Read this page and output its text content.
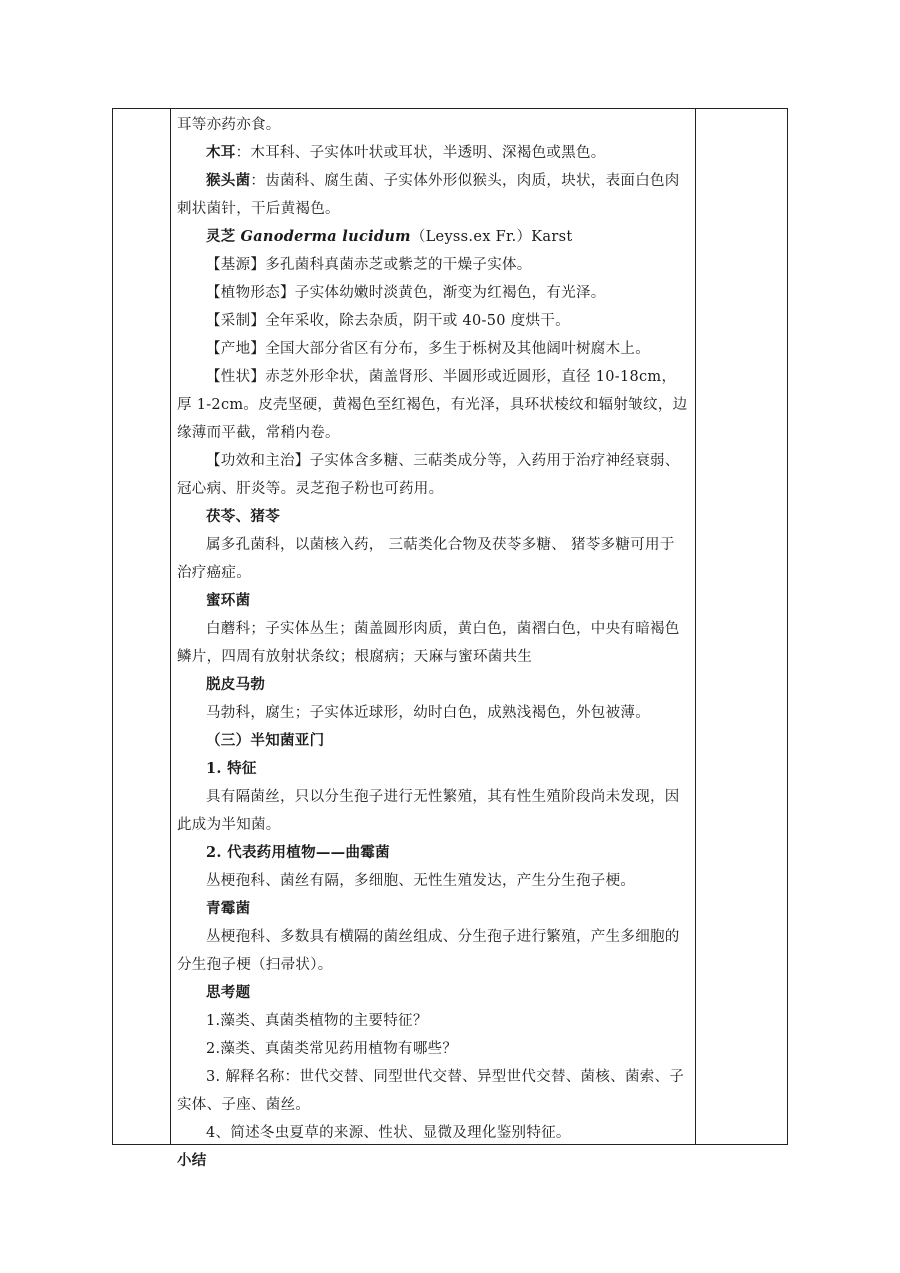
耳等亦药亦食。

木耳：木耳科、子实体叶状或耳状，半透明、深褐色或黑色。

猴头菌：齿菌科、腐生菌、子实体外形似猴头，肉质，块状，表面白色肉刺状菌针，干后黄褐色。

灵芝 Ganoderma lucidum（Leyss.ex Fr.）Karst

【基源】多孔菌科真菌赤芝或紫芝的干燥子实体。

【植物形态】子实体幼嫩时淡黄色，渐变为红褐色，有光泽。

【采制】全年采收，除去杂质，阴干或 40-50 度烘干。

【产地】全国大部分省区有分布，多生于栎树及其他阔叶树腐木上。

【性状】赤芝外形伞状，菌盖肾形、半圆形或近圆形，直径 10-18cm，厚 1-2cm。皮壳坚硬，黄褐色至红褐色，有光泽，具环状棱纹和辐射皱纹，边缘薄而平截，常稍内卷。

【功效和主治】子实体含多糖、三萜类成分等，入药用于治疗神经衰弱、冠心病、肝炎等。灵芝孢子粉也可药用。

茯苓、猪苓

属多孔菌科，以菌核入药， 三萜类化合物及茯苓多糖、 猪苓多糖可用于治疗癌症。

蜜环菌

白蘑科；子实体丛生；菌盖圆形肉质，黄白色，菌褶白色，中央有暗褐色鳞片，四周有放射状条纹；根腐病；天麻与蜜环菌共生

脱皮马勃

马勃科，腐生；子实体近球形，幼时白色，成熟浅褐色，外包被薄。

（三）半知菌亚门

1. 特征

具有隔菌丝，只以分生孢子进行无性繁殖，其有性生殖阶段尚未发现，因此成为半知菌。

2. 代表药用植物——曲霉菌

丛梗孢科、菌丝有隔，多细胞、无性生殖发达，产生分生孢子梗。

青霉菌

丛梗孢科、多数具有横隔的菌丝组成、分生孢子进行繁殖，产生多细胞的分生孢子梗（扫帚状）。

思考题

1.藻类、真菌类植物的主要特征？

2.藻类、真菌类常见药用植物有哪些？

3. 解释名称：世代交替、同型世代交替、异型世代交替、菌核、菌索、子实体、子座、菌丝。

4、简述冬虫夏草的来源、性状、显微及理化鉴别特征。

小结
